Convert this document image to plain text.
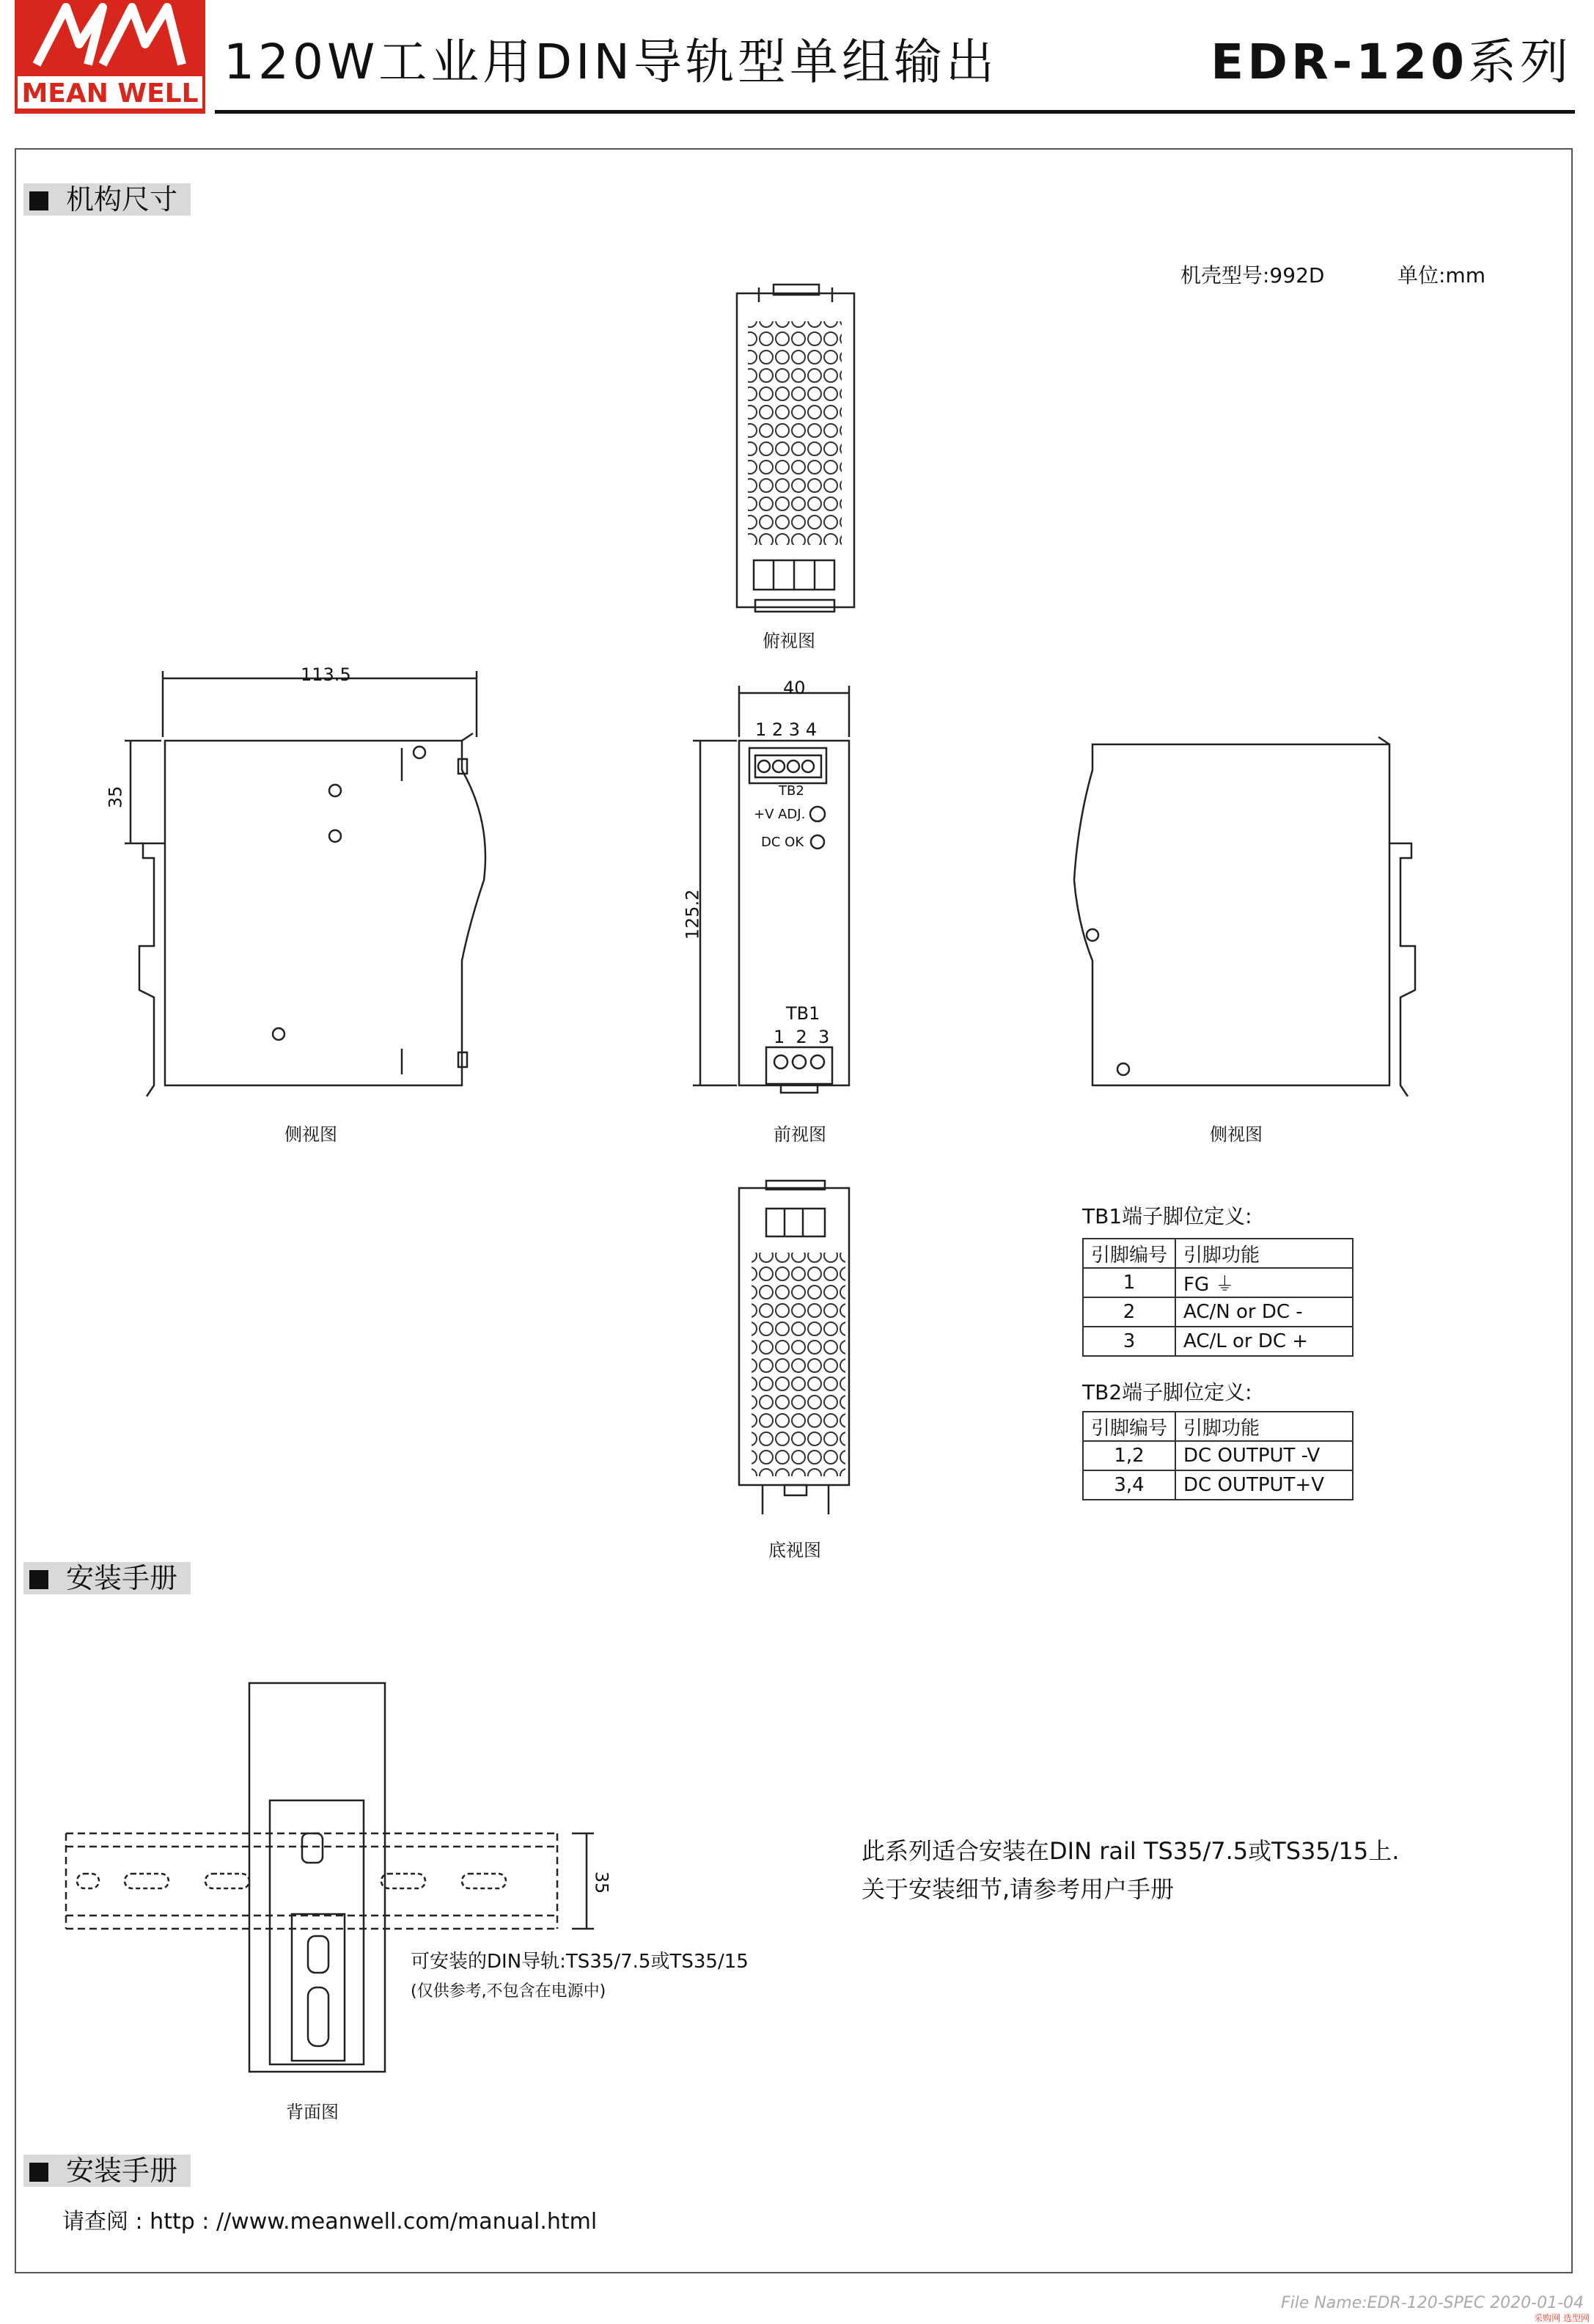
MEAN WELL
120W工业用DIN导轨型单组输出	EDR-120系列
机构尺寸
机壳型号:992D	单位:mm
俯视图
前视图
侧视图	侧视图
底视图
背面图
113.5
35
40
125.2
35
1 2 3 4
TB2
+V ADJ.
DC OK
TB1
1  2  3
TB1端子脚位定义:
引脚编号	引脚功能
1	FG ⏚
2	AC/N or DC -
3	AC/L or DC +
TB2端子脚位定义:
引脚编号	引脚功能
1,2	DC OUTPUT -V
3,4	DC OUTPUT+V
安装手册
此系列适合安装在DIN rail TS35/7.5或TS35/15上.
关于安装细节,请参考用户手册
可安装的DIN导轨:TS35/7.5或TS35/15
(仅供参考,不包含在电源中)
安装手册
请查阅 : http : //www.meanwell.com/manual.html
File Name:EDR-120-SPEC 2020-01-04
采购网 选型网
